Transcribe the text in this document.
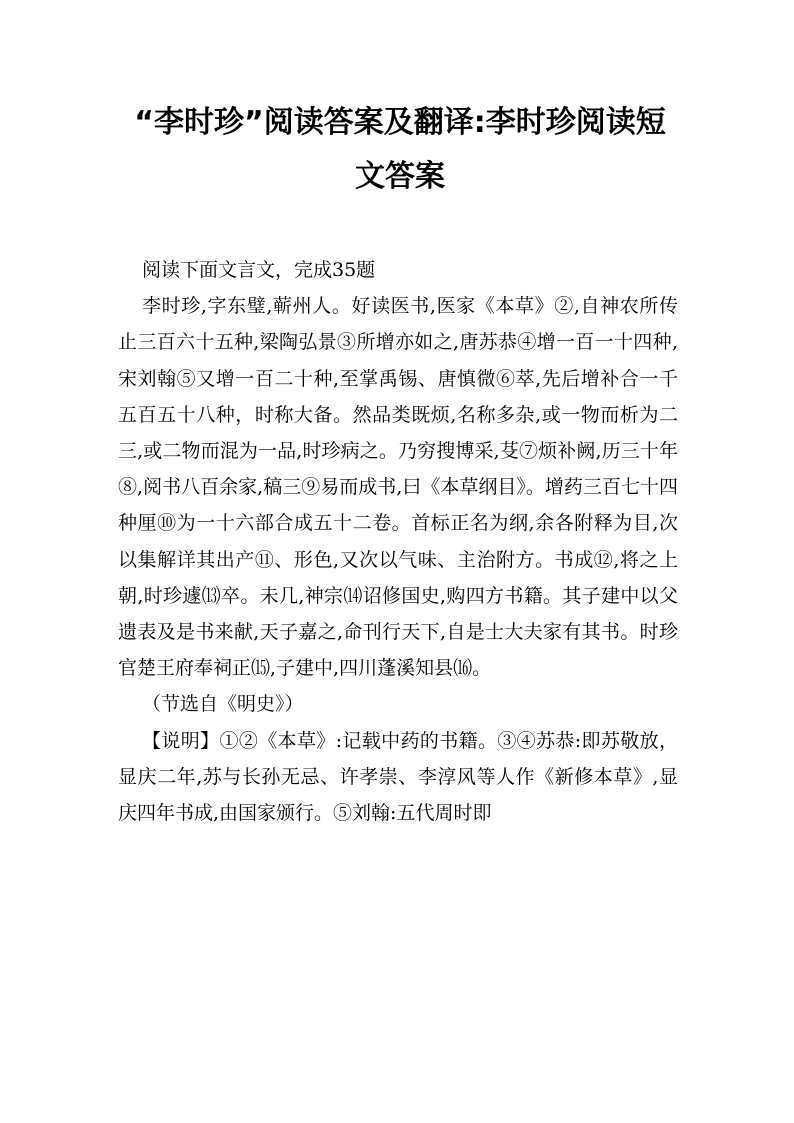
“李时珍”阅读答案及翻译:李时珍阅读短
文答案

阅读下面文言文，完成35题

李时珍,字东璧,蕲州人。好读医书,医家《本草》②,自神农所传止三百六十五种,梁陶弘景③所增亦如之,唐苏恭④增一百一十四种,宋刘翰⑤又增一百二十种,至掌禹锡、唐慎微⑥萃,先后增补合一千五百五十八种，时称大备。然品类既烦,名称多杂,或一物而析为二三,或二物而混为一品,时珍病之。乃穷搜博采,芟⑦烦补阙,历三十年⑧,阅书八百余家,稿三⑨易而成书,曰《本草纲目》。增药三百七十四种厘⑩为一十六部合成五十二卷。首标正名为纲,余各附释为目,次以集解详其出产⑪、形色,又次以气味、主治附方。书成⑫,将之上朝,时珍遽⒀卒。未几,神宗⒁诏修国史,购四方书籍。其子建中以父遗表及是书来献,天子嘉之,命刊行天下,自是士大夫家有其书。时珍官楚王府奉祠正⒂,子建中,四川蓬溪知县⒃。

（节选自《明史》）

【说明】①②《本草》:记载中药的书籍。③④苏恭:即苏敬放，显庆二年,苏与长孙无忌、许孝崇、李淳风等人作《新修本草》,显庆四年书成,由国家颁行。⑤刘翰:五代周时即
